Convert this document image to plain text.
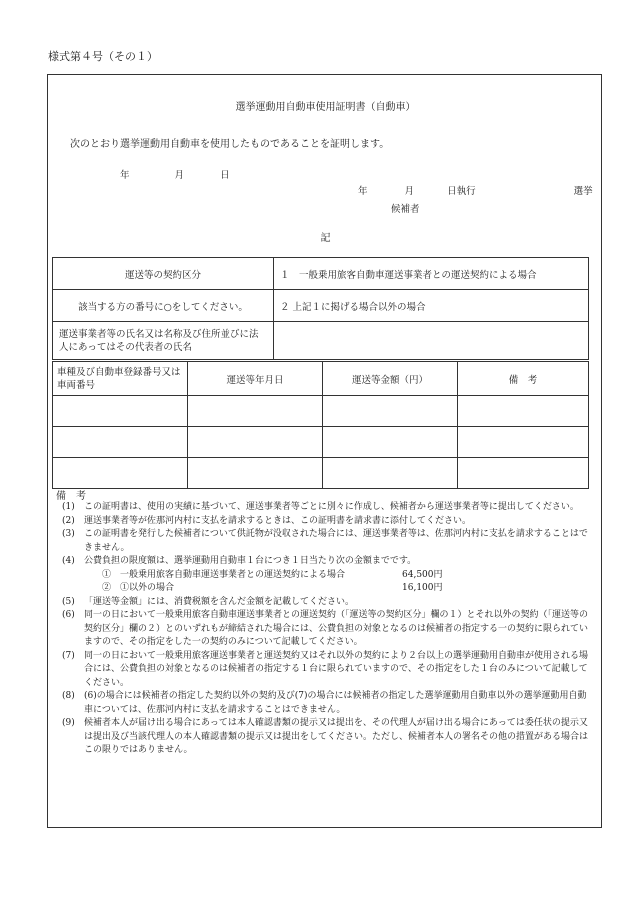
様式第４号（その１）
選挙運動用自動車使用証明書（自動車）
次のとおり選挙運動用自動車を使用したものであることを証明します。
年	月	日
年	月	日執行	選挙
候補者
記
運送等の契約区分	１　一般乗用旅客自動車運送事業者との運送契約による場合
該当する方の番号に○をしてください。	２ 上記１に掲げる場合以外の場合
運送事業者等の氏名又は名称及び住所並びに法人にあってはその代表者の氏名	
車種及び自動車登録番号又は車両番号	運送等年月日	運送等金額（円）	備　考

備　考
(1) この証明書は、使用の実績に基づいて、運送事業者等ごとに別々に作成し、候補者から運送事業者等に提出してください。
(2) 運送事業者等が佐那河内村に支払を請求するときは、この証明書を請求書に添付してください。
(3) この証明書を発行した候補者について供託物が没収された場合には、運送事業者等は、佐那河内村に支払を請求することはできません。
(4) 公費負担の限度額は、選挙運動用自動車１台につき１日当たり次の金額までです。
①　一般乗用旅客自動車運送事業者との運送契約による場合	64,500円
②　①以外の場合	16,100円
(5) 「運送等金額」には、消費税額を含んだ金額を記載してください。
(6) 同一の日において一般乗用旅客自動車運送事業者との運送契約（「運送等の契約区分」欄の１）とそれ以外の契約（「運送等の契約区分」欄の２）とのいずれもが締結された場合には、公費負担の対象となるのは候補者の指定する一の契約に限られていますので、その指定をした一の契約のみについて記載してください。
(7) 同一の日において一般乗用旅客運送事業者と運送契約又はそれ以外の契約により２台以上の選挙運動用自動車が使用される場合には、公費負担の対象となるのは候補者の指定する１台に限られていますので、その指定をした１台のみについて記載してください。
(8) (6)の場合には候補者の指定した契約以外の契約及び(7)の場合には候補者の指定した選挙運動用自動車以外の選挙運動用自動車については、佐那河内村に支払を請求することはできません。
(9) 候補者本人が届け出る場合にあっては本人確認書類の提示又は提出を、その代理人が届け出る場合にあっては委任状の提示又は提出及び当該代理人の本人確認書類の提示又は提出をしてください。ただし、候補者本人の署名その他の措置がある場合はこの限りではありません。
